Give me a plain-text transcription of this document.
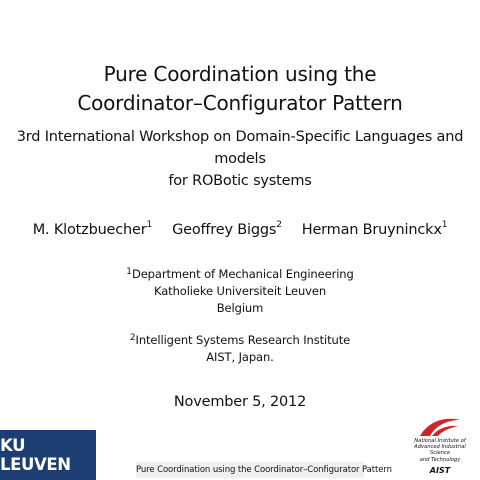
Pure Coordination using the
Coordinator–Configurator Pattern
3rd International Workshop on Domain-Specific Languages and models
for ROBotic systems
M. Klotzbuecher$^1$ Geoffrey Biggs$^2$ Herman Bruyninckx$^1$
$^1$Department of Mechanical Engineering
Katholieke Universiteit Leuven
Belgium
$^2$Intelligent Systems Research Institute
AIST, Japan.
November 5, 2012
KU LEUVEN	Pure Coordination using the Coordinator–Configurator Pattern
National Institute of
Advanced Industrial Science
and Technology
AIST
